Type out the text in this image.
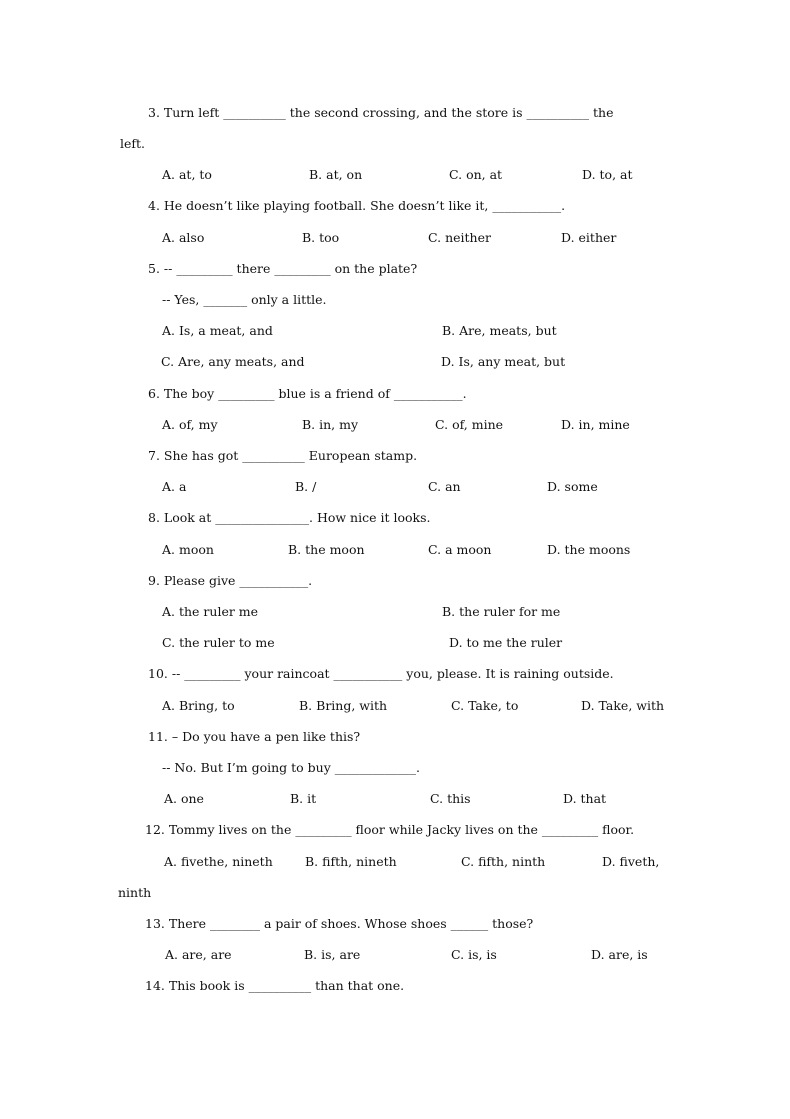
3. Turn left __________ the second crossing, and the store is __________ the
left.

A. at, to

	B. at, on

	C. on, at

	D. to, at

4. He doesn’t like playing football. She doesn’t like it, ___________.

A. also

	B. too

	C. neither

	D. either

5. -- _________ there _________ on the plate?
-- Yes, _______ only a little.

A. Is, a meat, and

	B. Are, meats, but

C. Are, any meats, and

	D. Is, any meat, but

6. The boy _________ blue is a friend of ___________.

A. of, my

	B. in, my

	C. of, mine

	D. in, mine

7. She has got __________ European stamp.

A. a

	B. /

	C. an

	D. some

8. Look at _______________. How nice it looks.

A. moon

	B. the moon

	C. a moon

	D. the moons

9. Please give ___________.

A. the ruler me

	B. the ruler for me

C. the ruler to me

	D. to me the ruler

10. -- _________ your raincoat ___________ you, please. It is raining outside.

A. Bring, to

	B. Bring, with

	C. Take, to

	D. Take, with

11. – Do you have a pen like this?
-- No. But I’m going to buy _____________.

A. one

	B. it

	C. this

	D. that

12. Tommy lives on the _________ floor while Jacky lives on the _________ floor.

A. fivethe, nineth

	B. fifth, nineth

	C. fifth, ninth

	D. fiveth,

ninth
13. There ________ a pair of shoes. Whose shoes ______ those?

A. are, are

	B. is, are

	C. is, is

	D. are, is

14. This book is __________ than that one.
